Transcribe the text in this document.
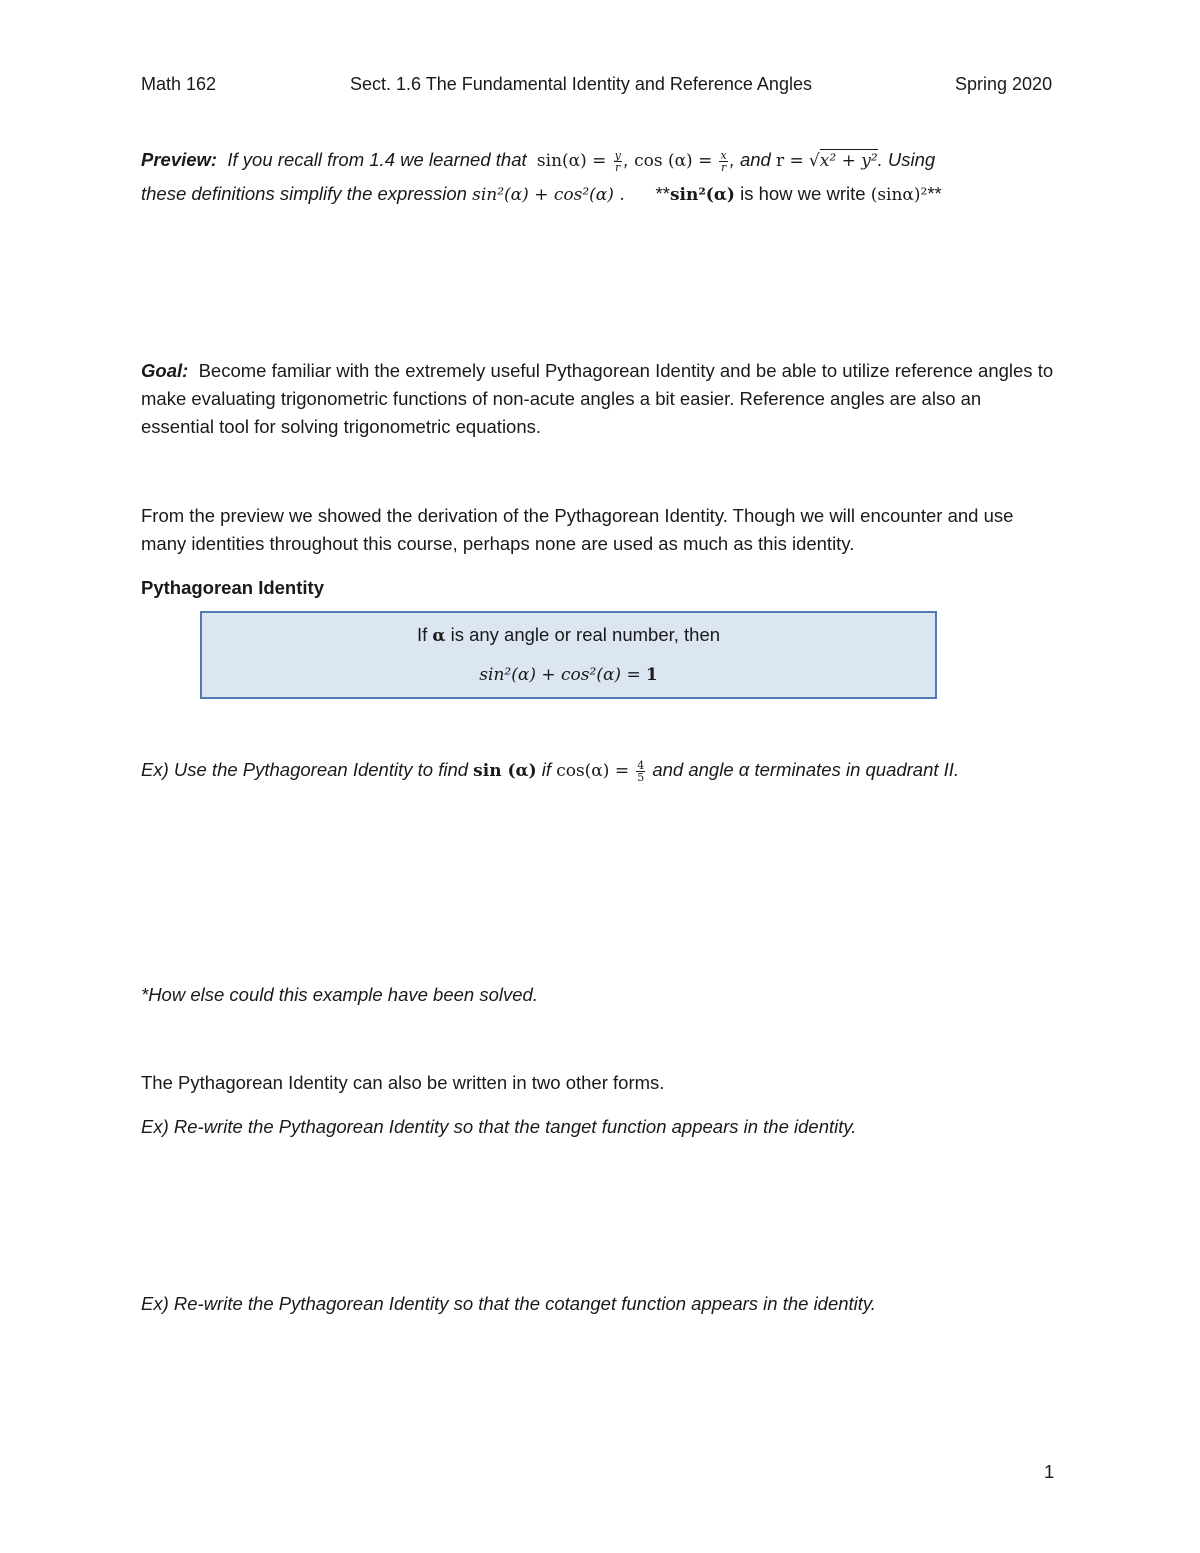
Math 162	Sect. 1.6 The Fundamental Identity and Reference Angles	Spring 2020
Preview: If you recall from 1.4 we learned that $\sin(\alpha) = \frac{y}{r}$ , $\cos (\alpha) = \frac{x}{r}$ , and r = √x² + y². Using
these definitions simplify the expression sin²(α) + cos²(α) . **sin²(α) is how we write (sinα)²**
Goal: Become familiar with the extremely useful Pythagorean Identity and be able to utilize reference angles to make evaluating trigonometric functions of non-acute angles a bit easier. Reference angles are also an essential tool for solving trigonometric equations.
From the preview we showed the derivation of the Pythagorean Identity. Though we will encounter and use many identities throughout this course, perhaps none are used as much as this identity.
Pythagorean Identity
If α is any angle or real number, then
sin²(α) + cos²(α) = 1
Ex) Use the Pythagorean Identity to find sin (α) if $\cos(\alpha) = \frac{4}{5}$ and angle α terminates in quadrant II.
*How else could this example have been solved.
The Pythagorean Identity can also be written in two other forms.
Ex) Re-write the Pythagorean Identity so that the tanget function appears in the identity.
Ex) Re-write the Pythagorean Identity so that the cotanget function appears in the identity.
1
